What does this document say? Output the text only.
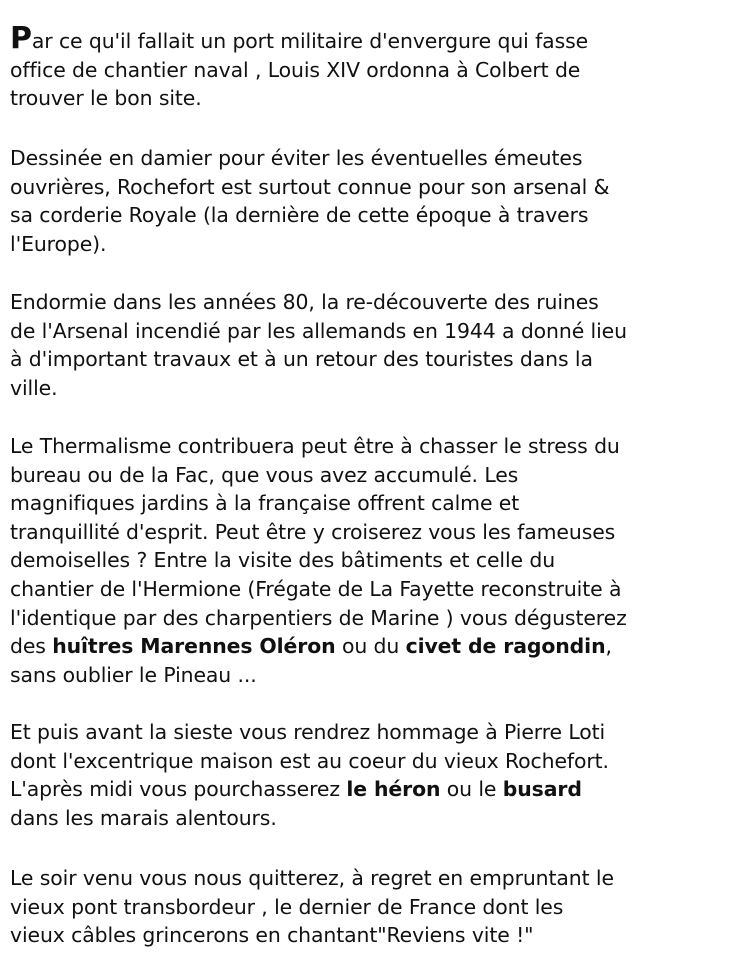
Par ce qu'il fallait un port militaire d'envergure qui fasse
office de chantier naval , Louis XIV ordonna à Colbert de
trouver le bon site.

Dessinée en damier pour éviter les éventuelles émeutes
ouvrières, Rochefort est surtout connue pour son arsenal &
sa corderie Royale (la dernière de cette époque à travers
l'Europe).

Endormie dans les années 80, la re-découverte des ruines
de l'Arsenal incendié par les allemands en 1944 a donné lieu
à d'important travaux et à un retour des touristes dans la
ville.

Le Thermalisme contribuera peut être à chasser le stress du
bureau ou de la Fac, que vous avez accumulé. Les
magnifiques jardins à la française offrent calme et
tranquillité d'esprit. Peut être y croiserez vous les fameuses
demoiselles ? Entre la visite des bâtiments et celle du
chantier de l'Hermione (Frégate de La Fayette reconstruite à
l'identique par des charpentiers de Marine ) vous dégusterez
des huîtres Marennes Oléron ou du civet de ragondin,
sans oublier le Pineau ...

Et puis avant la sieste vous rendrez hommage à Pierre Loti
dont l'excentrique maison est au coeur du vieux Rochefort.
L'après midi vous pourchasserez le héron ou le busard
dans les marais alentours.

Le soir venu vous nous quitterez, à regret en empruntant le
vieux pont transbordeur , le dernier de France dont les
vieux câbles grincerons en chantant"Reviens vite !"
